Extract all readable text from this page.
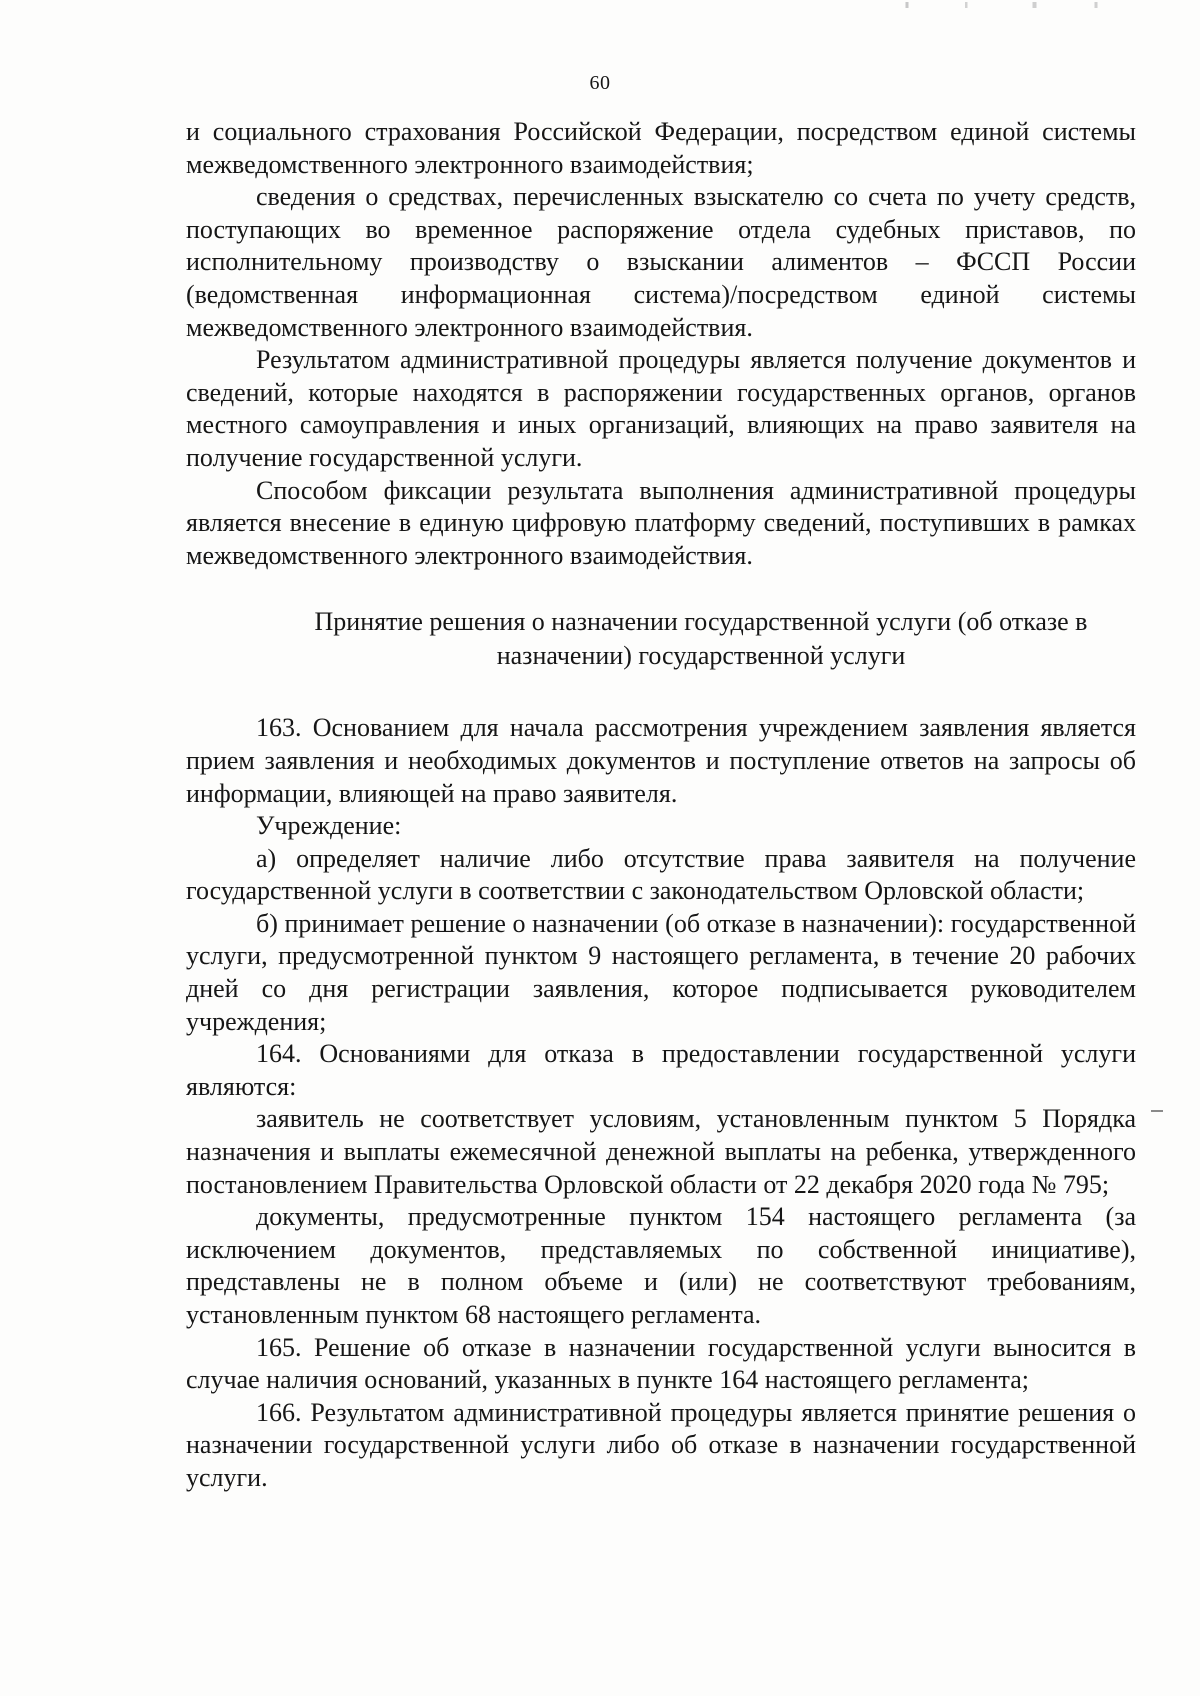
60

и социального страхования Российской Федерации, посредством единой системы межведомственного электронного взаимодействия;

сведения о средствах, перечисленных взыскателю со счета по учету средств, поступающих во временное распоряжение отдела судебных приставов, по исполнительному производству о взыскании алиментов – ФССП России (ведомственная информационная система)/посредством единой системы межведомственного электронного взаимодействия.

Результатом административной процедуры является получение документов и сведений, которые находятся в распоряжении государственных органов, органов местного самоуправления и иных организаций, влияющих на право заявителя на получение государственной услуги.

Способом фиксации результата выполнения административной процедуры является внесение в единую цифровую платформу сведений, поступивших в рамках межведомственного электронного взаимодействия.

Принятие решения о назначении государственной услуги (об отказе в назначении) государственной услуги

163. Основанием для начала рассмотрения учреждением заявления является прием заявления и необходимых документов и поступление ответов на запросы об информации, влияющей на право заявителя.

Учреждение:

а) определяет наличие либо отсутствие права заявителя на получение государственной услуги в соответствии с законодательством Орловской области;

б) принимает решение о назначении (об отказе в назначении): государственной услуги, предусмотренной пунктом 9 настоящего регламента, в течение 20 рабочих дней со дня регистрации заявления, которое подписывается руководителем учреждения;

164. Основаниями для отказа в предоставлении государственной услуги являются:

заявитель не соответствует условиям, установленным пунктом 5 Порядка назначения и выплаты ежемесячной денежной выплаты на ребенка, утвержденного постановлением Правительства Орловской области от 22 декабря 2020 года № 795;

документы, предусмотренные пунктом 154 настоящего регламента (за исключением документов, представляемых по собственной инициативе), представлены не в полном объеме и (или) не соответствуют требованиям, установленным пунктом 68 настоящего регламента.

165. Решение об отказе в назначении государственной услуги выносится в случае наличия оснований, указанных в пункте 164 настоящего регламента;

166. Результатом административной процедуры является принятие решения о назначении государственной услуги либо об отказе в назначении государственной услуги.
